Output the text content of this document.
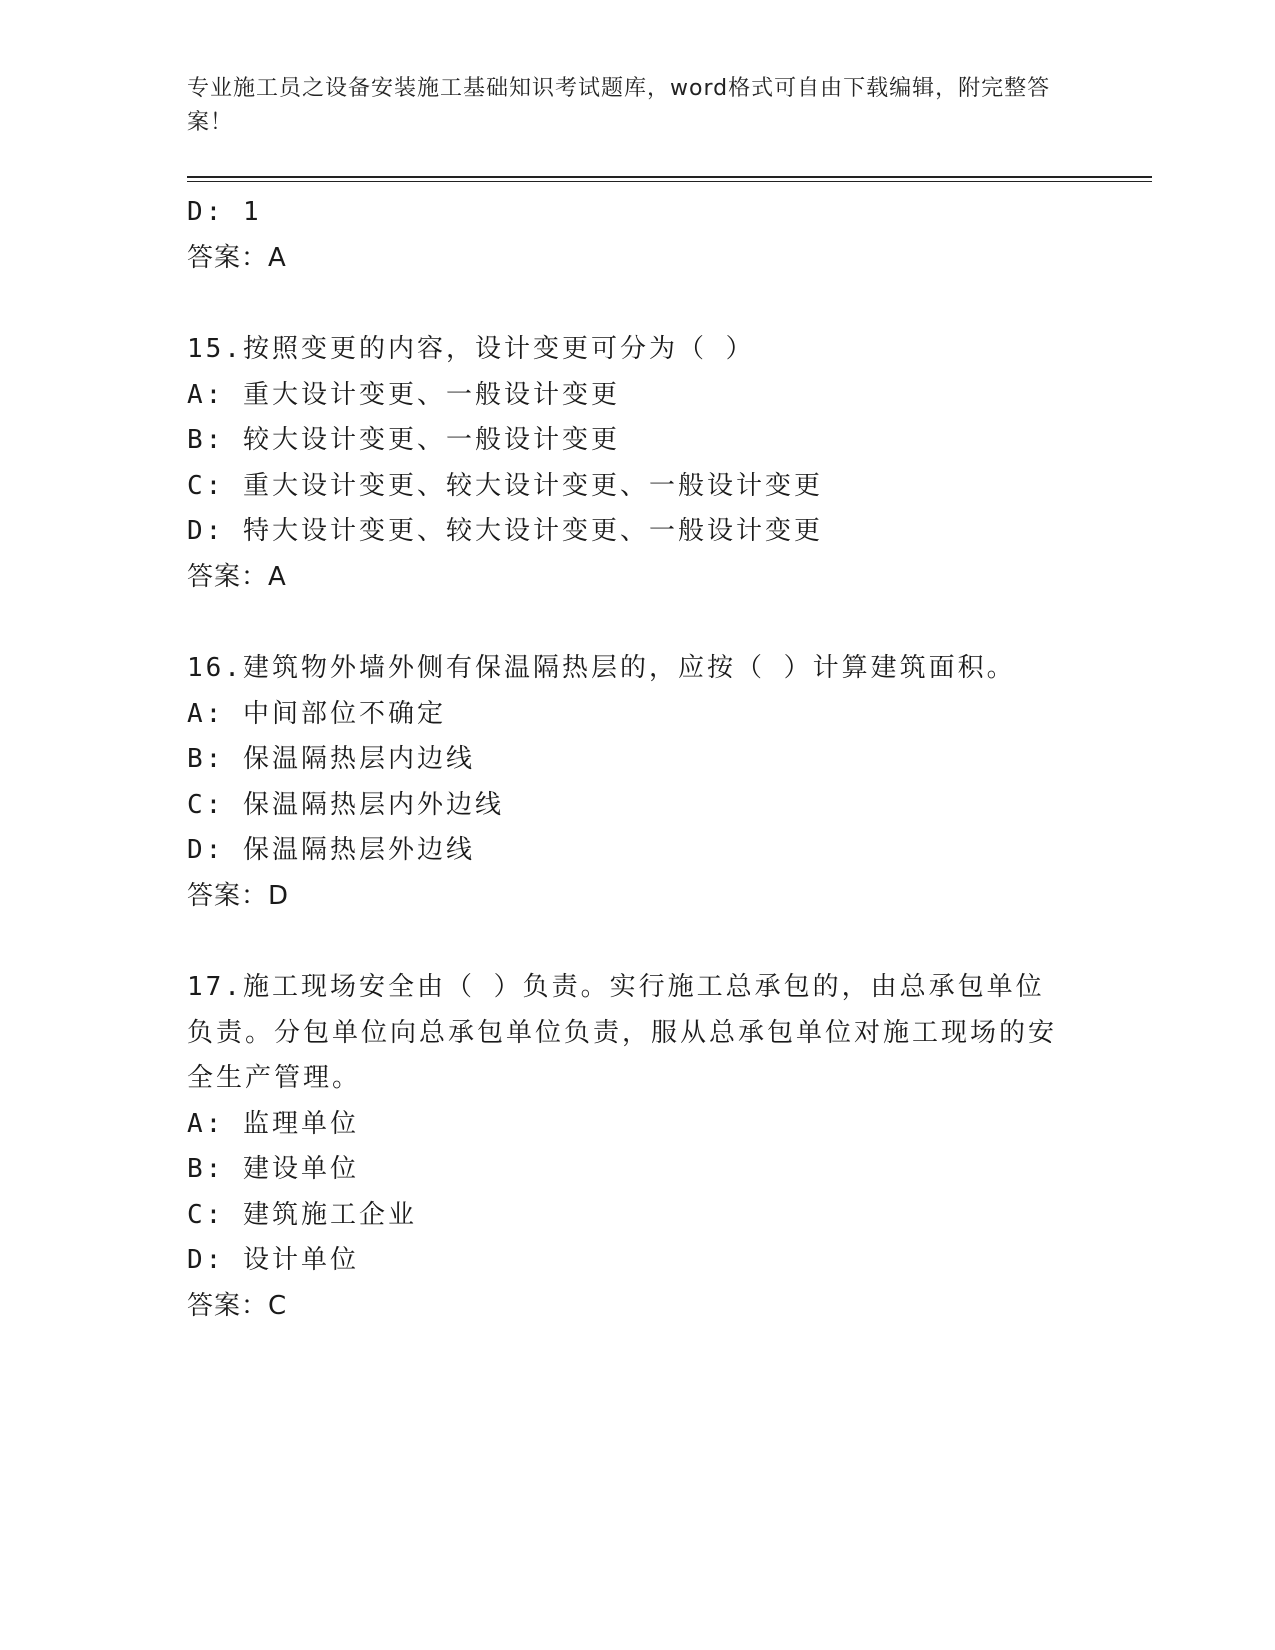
专业施工员之设备安装施工基础知识考试题库，word格式可自由下载编辑，附完整答案！
D: 1
答案：A
15.按照变更的内容，设计变更可分为（ ）
A: 重大设计变更、一般设计变更
B: 较大设计变更、一般设计变更
C: 重大设计变更、较大设计变更、一般设计变更
D: 特大设计变更、较大设计变更、一般设计变更
答案：A
16.建筑物外墙外侧有保温隔热层的，应按（ ）计算建筑面积。
A: 中间部位不确定
B: 保温隔热层内边线
C: 保温隔热层内外边线
D: 保温隔热层外边线
答案：D
17.施工现场安全由（ ）负责。实行施工总承包的，由总承包单位负责。分包单位向总承包单位负责，服从总承包单位对施工现场的安全生产管理。
A: 监理单位
B: 建设单位
C: 建筑施工企业
D: 设计单位
答案：C
